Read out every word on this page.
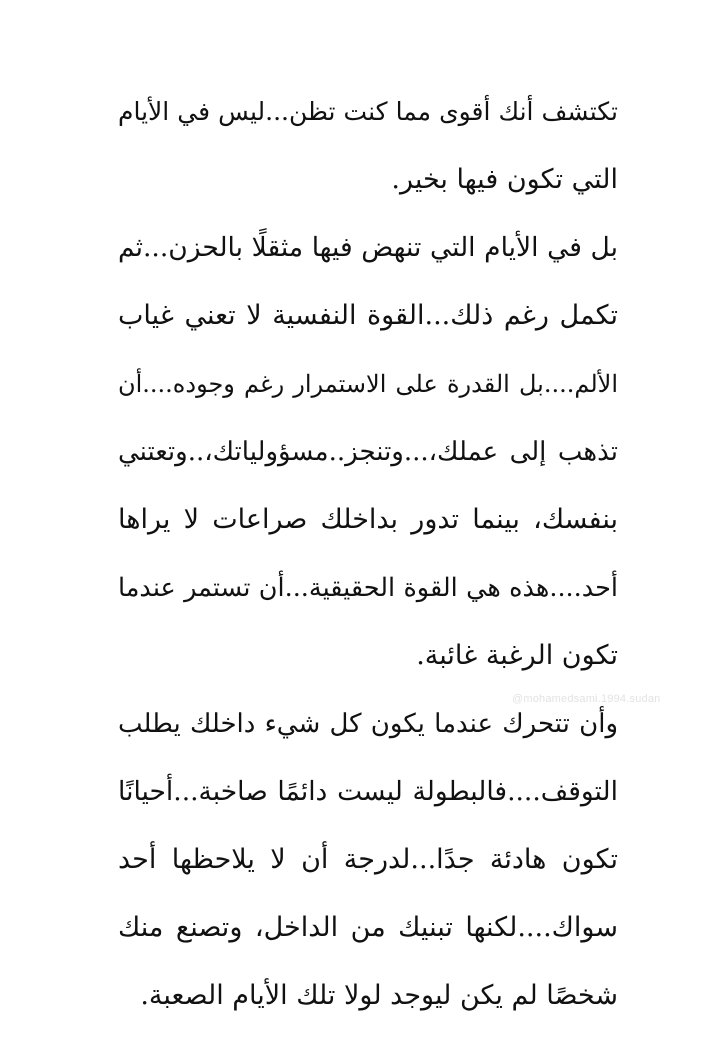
تكتشف أنك أقوى مما كنت تظن...ليس في الأيام
التي تكون فيها بخير.
بل في الأيام التي تنهض فيها مثقلًا بالحزن...ثم
تكمل رغم ذلك...القوة النفسية لا تعني غياب
الألم....بل القدرة على الاستمرار رغم وجوده....أن
تذهب إلى عملك،...وتنجز..مسؤولياتك،..وتعتني
بنفسك، بينما تدور بداخلك صراعات لا يراها
أحد....هذه هي القوة الحقيقية...أن تستمر عندما
تكون الرغبة غائبة.
وأن تتحرك عندما يكون كل شيء داخلك يطلب
التوقف....فالبطولة ليست دائمًا صاخبة...أحيانًا
تكون هادئة جدًا...لدرجة أن لا يلاحظها أحد
سواك....لكنها تبنيك من الداخل، وتصنع منك
شخصًا لم يكن ليوجد لولا تلك الأيام الصعبة.
@mohamedsami.1994.sudan
